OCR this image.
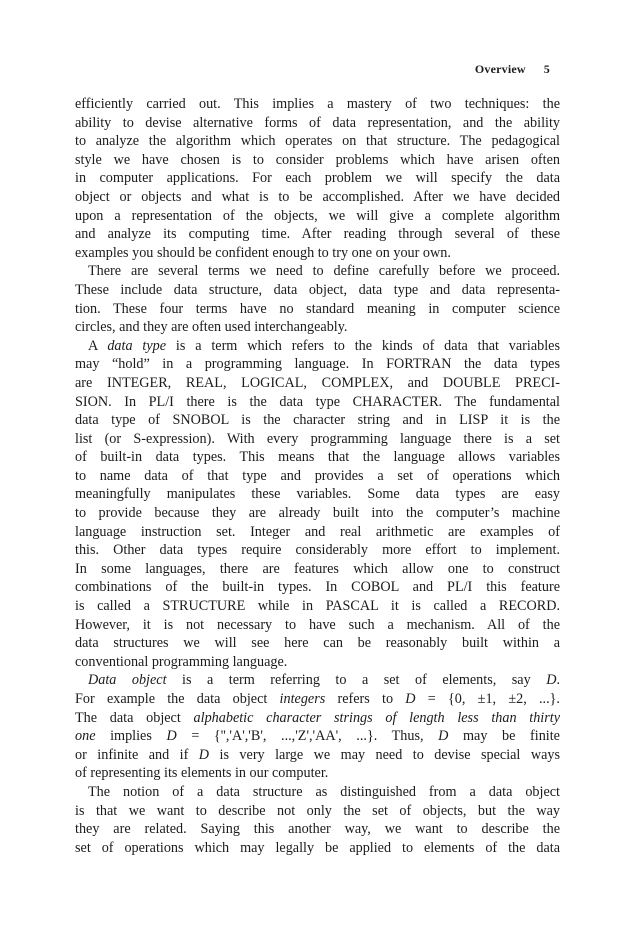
Overview 5
efficiently carried out. This implies a mastery of two techniques: the
ability to devise alternative forms of data representation, and the ability
to analyze the algorithm which operates on that structure. The pedagogical
style we have chosen is to consider problems which have arisen often
in computer applications. For each problem we will specify the data
object or objects and what is to be accomplished. After we have decided
upon a representation of the objects, we will give a complete algorithm
and analyze its computing time. After reading through several of these
examples you should be confident enough to try one on your own.
There are several terms we need to define carefully before we proceed.
These include data structure, data object, data type and data representa-
tion. These four terms have no standard meaning in computer science
circles, and they are often used interchangeably.
A data type is a term which refers to the kinds of data that variables
may “hold” in a programming language. In FORTRAN the data types
are INTEGER, REAL, LOGICAL, COMPLEX, and DOUBLE PRECI-
SION. In PL/I there is the data type CHARACTER. The fundamental
data type of SNOBOL is the character string and in LISP it is the
list (or S-expression). With every programming language there is a set
of built-in data types. This means that the language allows variables
to name data of that type and provides a set of operations which
meaningfully manipulates these variables. Some data types are easy
to provide because they are already built into the computer’s machine
language instruction set. Integer and real arithmetic are examples of
this. Other data types require considerably more effort to implement.
In some languages, there are features which allow one to construct
combinations of the built-in types. In COBOL and PL/I this feature
is called a STRUCTURE while in PASCAL it is called a RECORD.
However, it is not necessary to have such a mechanism. All of the
data structures we will see here can be reasonably built within a
conventional programming language.
Data object is a term referring to a set of elements, say D.
For example the data object integers refers to D = {0, ±1, ±2, ...}.
The data object alphabetic character strings of length less than thirty
one implies D = {'','A','B', ...,'Z','AA', ...}. Thus, D may be finite
or infinite and if D is very large we may need to devise special ways
of representing its elements in our computer.
The notion of a data structure as distinguished from a data object
is that we want to describe not only the set of objects, but the way
they are related. Saying this another way, we want to describe the
set of operations which may legally be applied to elements of the data
